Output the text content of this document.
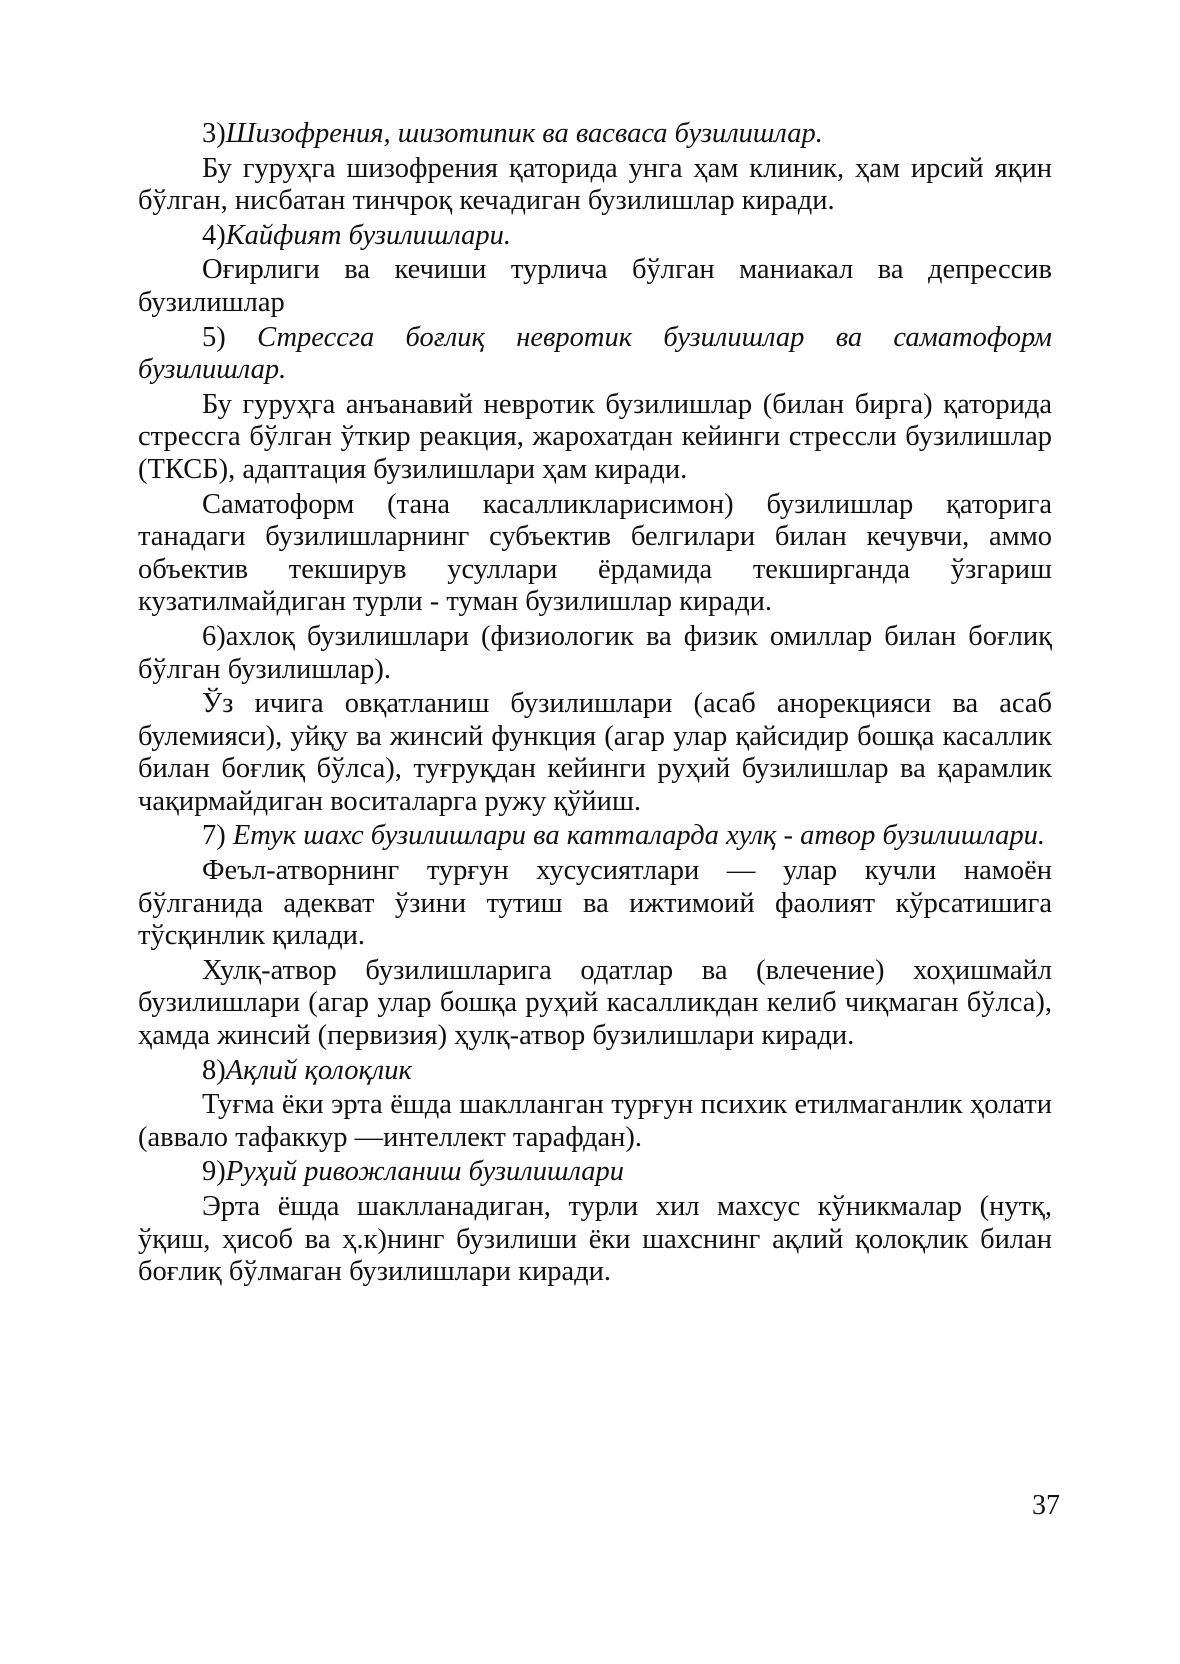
3)Шизофрения, шизотипик ва васваса бузилишлар.

Бу гуруҳга шизофрения қаторида унга ҳам клиник, ҳам ирсий яқин бўлган, нисбатан тинчроқ кечадиган бузилишлар киради.

4)Кайфият бузилишлари.

Оғирлиги ва кечиши турлича бўлган маниакал ва депрессив бузилишлар

5) Стрессга боғлиқ невротик бузилишлар ва саматоформ бузилишлар.

Бу гуруҳга анъанавий невротик бузилишлар (билан бирга) қаторида стрессга бўлган ўткир реакция, жарохатдан кейинги стрессли бузилишлар (ТКСБ), адаптация бузилишлари ҳам киради.

Саматоформ (тана касалликларисимон) бузилишлар қаторига танадаги бузилишларнинг субъектив белгилари билан кечувчи, аммо объектив текширув усуллари ёрдамида текширганда ўзгариш кузатилмайдиган турли - туман бузилишлар киради.

6)ахлоқ бузилишлари (физиологик ва физик омиллар билан боғлиқ бўлган бузилишлар).

Ўз ичига овқатланиш бузилишлари (асаб анорекцияси ва асаб булемияси), уйқу ва жинсий функция (агар улар қайсидир бошқа касаллик билан боғлиқ бўлса), туғруқдан кейинги руҳий бузилишлар ва қарамлик чақирмайдиган воситаларга ружу қўйиш.

7) Етук шахс бузилишлари ва катталарда хулқ - атвор бузилишлари.

Феъл-атворнинг турғун хусусиятлари — улар кучли намоён бўлганида адекват ўзини тутиш ва ижтимоий фаолият кўрсатишига тўсқинлик қилади.

Хулқ-атвор бузилишларига одатлар ва (влечение) хоҳишмайл бузилишлари (агар улар бошқа руҳий касалликдан келиб чиқмаган бўлса), ҳамда жинсий (первизия) ҳулқ-атвор бузилишлари киради.

8)Ақлий қолоқлик

Туғма ёки эрта ёшда шаклланган турғун психик етилмаганлик ҳолати (аввало тафаккур —интеллект тарафдан).

9)Руҳий ривожланиш бузилишлари

Эрта ёшда шаклланадиган, турли хил махсус кўникмалар (нутқ, ўқиш, ҳисоб ва ҳ.к)нинг бузилиши ёки шахснинг ақлий қолоқлик билан боғлиқ бўлмаган бузилишлари киради.

37
